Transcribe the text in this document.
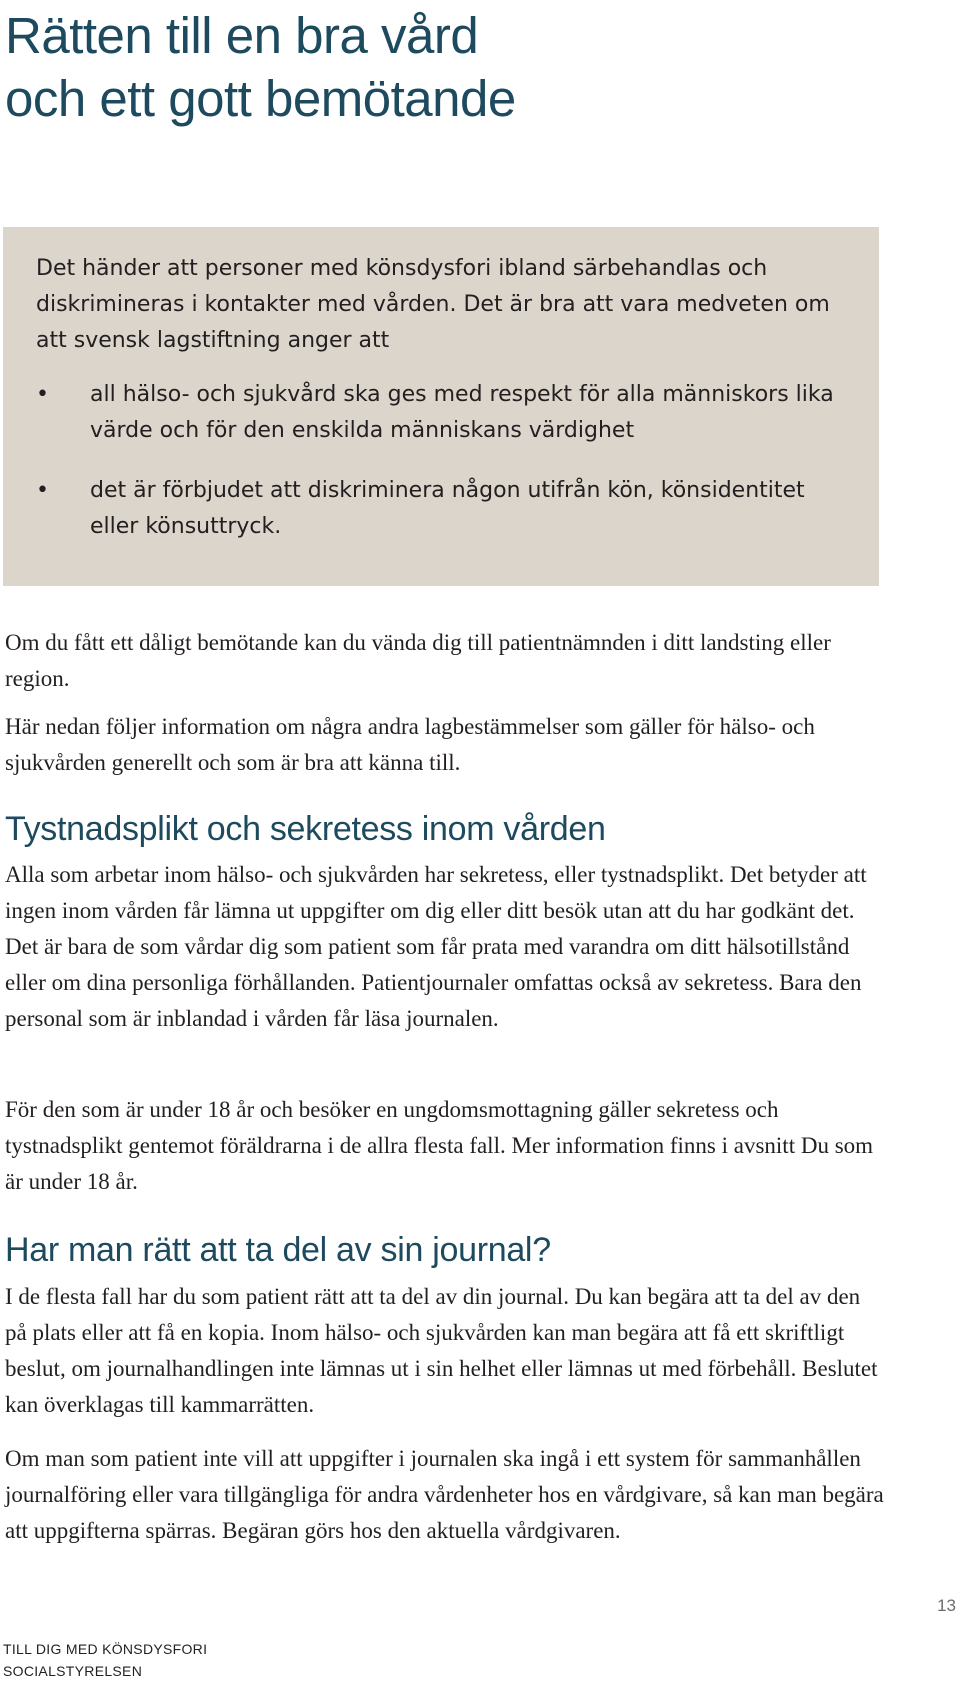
Rätten till en bra vård
och ett gott bemötande

Det händer att personer med könsdysfori ibland särbehandlas och diskrimineras i kontakter med vården. Det är bra att vara medveten om att svensk lagstiftning anger att

• all hälso- och sjukvård ska ges med respekt för alla människors lika värde och för den enskilda människans värdighet
• det är förbjudet att diskriminera någon utifrån kön, könsidentitet eller könsuttryck.

Om du fått ett dåligt bemötande kan du vända dig till patientnämnden i ditt landsting eller region.

Här nedan följer information om några andra lagbestämmelser som gäller för hälso- och sjukvården generellt och som är bra att känna till.

Tystnadsplikt och sekretess inom vården

Alla som arbetar inom hälso- och sjukvården har sekretess, eller tystnadsplikt. Det betyder att ingen inom vården får lämna ut uppgifter om dig eller ditt besök utan att du har godkänt det. Det är bara de som vårdar dig som patient som får prata med varandra om ditt hälsotillstånd eller om dina personliga förhållanden. Patientjournaler omfattas också av sekretess. Bara den personal som är inblandad i vården får läsa journalen.

För den som är under 18 år och besöker en ungdomsmottagning gäller sekretess och tystnadsplikt gentemot föräldrarna i de allra flesta fall. Mer information finns i avsnitt Du som är under 18 år.

Har man rätt att ta del av sin journal?

I de flesta fall har du som patient rätt att ta del av din journal. Du kan begära att ta del av den på plats eller att få en kopia. Inom hälso- och sjukvården kan man begära att få ett skriftligt beslut, om journalhandlingen inte lämnas ut i sin helhet eller lämnas ut med förbehåll. Beslutet kan överklagas till kammarrätten.

Om man som patient inte vill att uppgifter i journalen ska ingå i ett system för sammanhållen journalföring eller vara tillgängliga för andra vårdenheter hos en vårdgivare, så kan man begära att uppgifterna spärras. Begäran görs hos den aktuella vårdgivaren.

13
TILL DIG MED KÖNSDYSFORI
SOCIALSTYRELSEN
